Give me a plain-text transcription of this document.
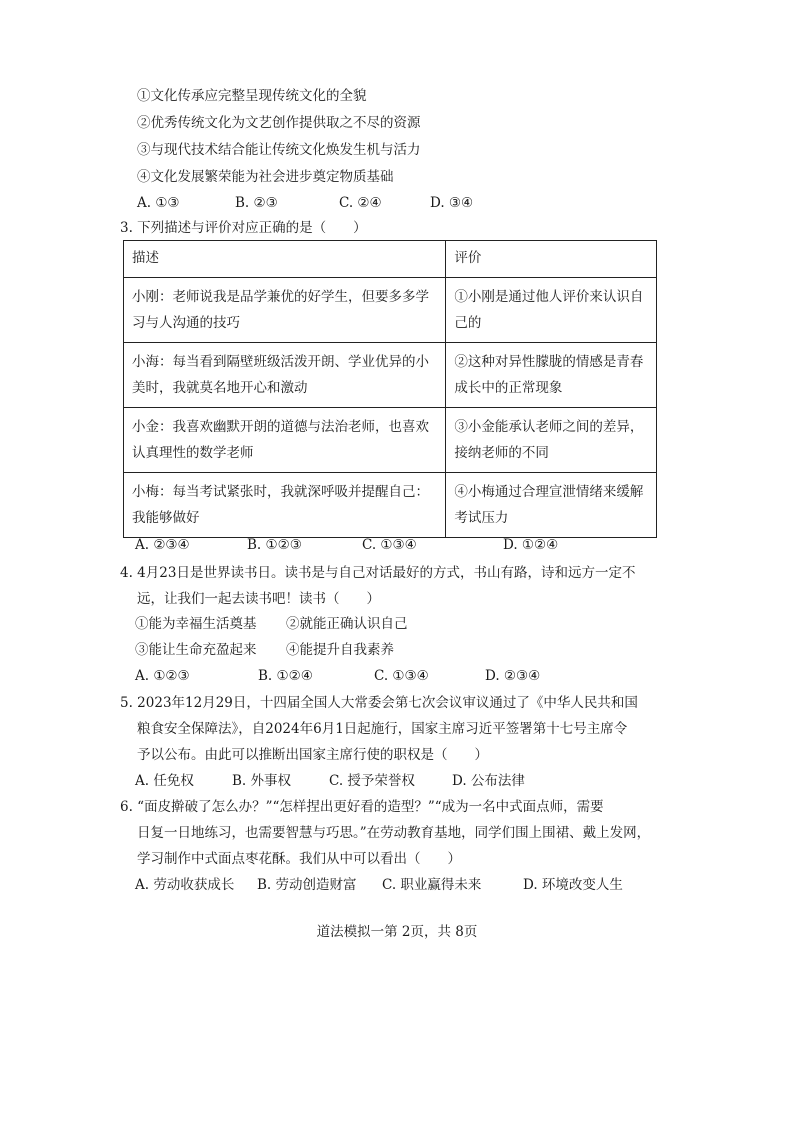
①文化传承应完整呈现传统文化的全貌
②优秀传统文化为文艺创作提供取之不尽的资源
③与现代技术结合能让传统文化焕发生机与活力
④文化发展繁荣能为社会进步奠定物质基础
A. ①③	B. ②③	C. ②④	D. ③④
3. 下列描述与评价对应正确的是（　　）
描述	评价
小刚：老师说我是品学兼优的好学生，但要多多学习与人沟通的技巧	①小刚是通过他人评价来认识自己的
小海：每当看到隔壁班级活泼开朗、学业优异的小美时，我就莫名地开心和激动	②这种对异性朦胧的情感是青春成长中的正常现象
小金：我喜欢幽默开朗的道德与法治老师，也喜欢认真理性的数学老师	③小金能承认老师之间的差异，接纳老师的不同
小梅：每当考试紧张时，我就深呼吸并提醒自己：我能够做好	④小梅通过合理宣泄情绪来缓解考试压力
A. ②③④	B. ①②③	C. ①③④	D. ①②④
4. 4月23日是世界读书日。读书是与自己对话最好的方式，书山有路，诗和远方一定不
远，让我们一起去读书吧！读书（　　）
①能为幸福生活奠基	②就能正确认识自己
③能让生命充盈起来	④能提升自我素养
A. ①②③	B. ①②④	C. ①③④	D. ②③④
5. 2023年12月29日，十四届全国人大常委会第七次会议审议通过了《中华人民共和国
粮食安全保障法》，自2024年6月1日起施行，国家主席习近平签署第十七号主席令
予以公布。由此可以推断出国家主席行使的职权是（　　）
A. 任免权	B. 外事权	C. 授予荣誉权	D. 公布法律
6. “面皮擀破了怎么办？”“怎样捏出更好看的造型？”“成为一名中式面点师，需要
日复一日地练习，也需要智慧与巧思。”在劳动教育基地，同学们围上围裙、戴上发网，
学习制作中式面点枣花酥。我们从中可以看出（　　）
A. 劳动收获成长	B. 劳动创造财富	C. 职业赢得未来	D. 环境改变人生
道法模拟一第 2页，共 8页
